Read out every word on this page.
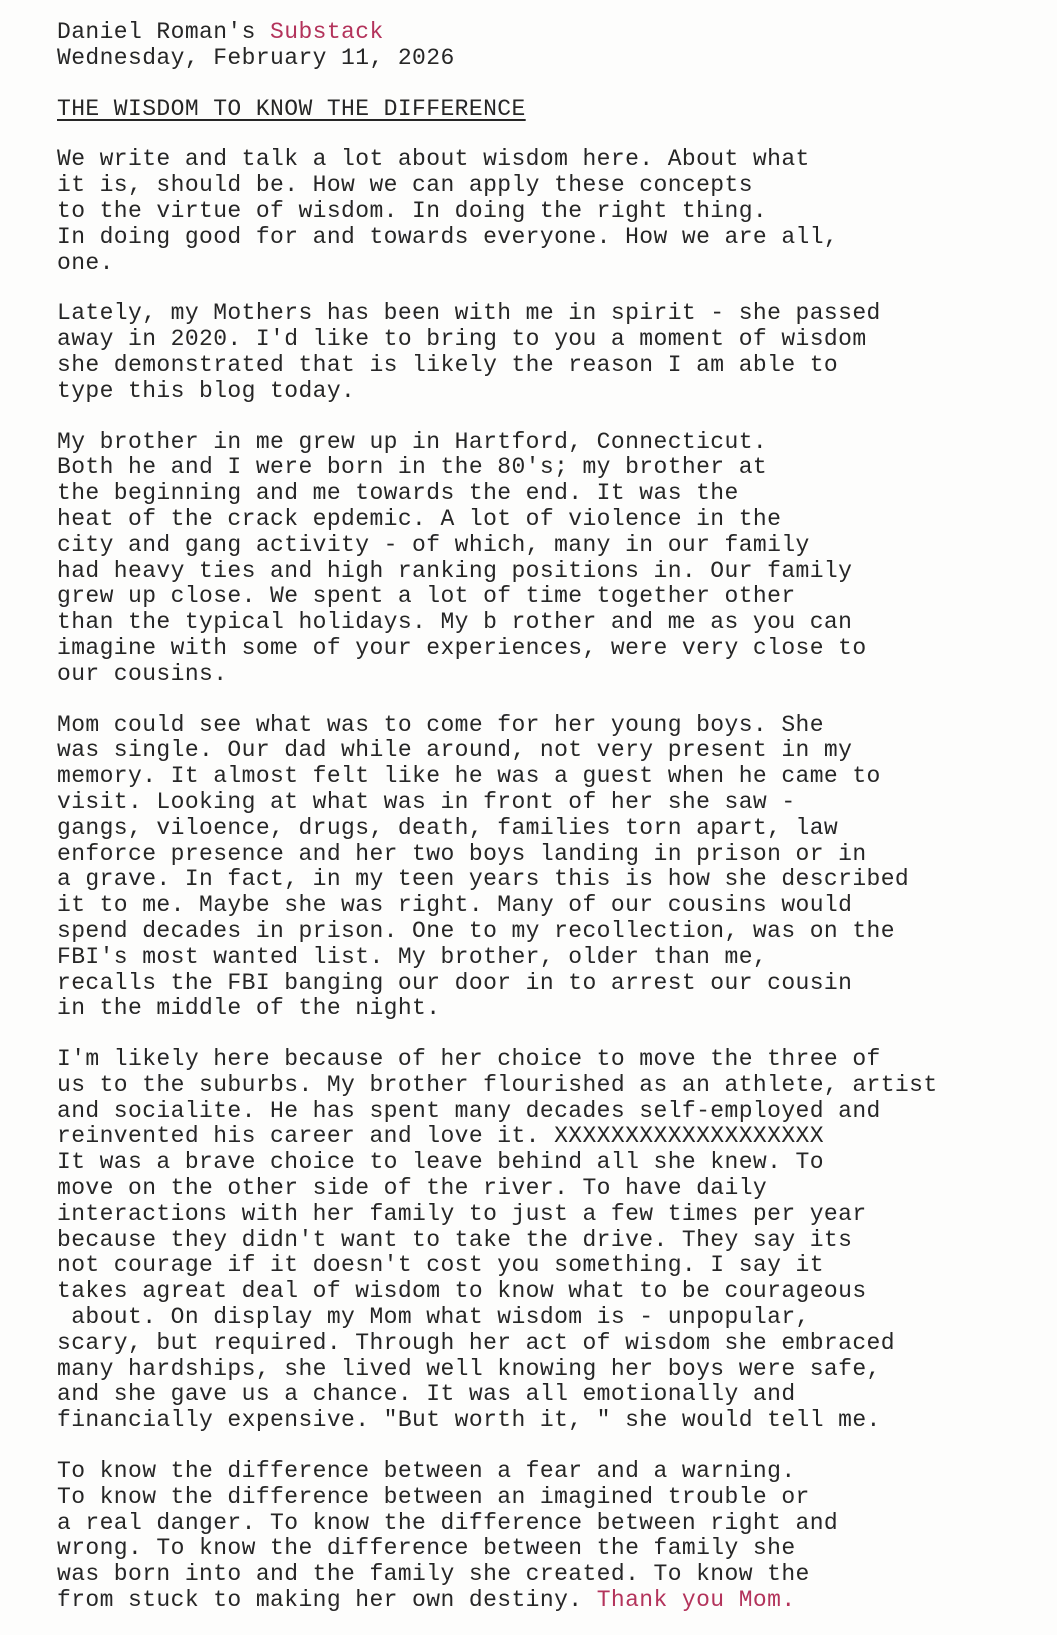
Daniel Roman's Substack
Wednesday, February 11, 2026
THE WISDOM TO KNOW THE DIFFERENCE
We write and talk a lot about wisdom here. About what
it is, should be. How we can apply these concepts
to the virtue of wisdom. In doing the right thing.
In doing good for and towards everyone. How we are all,
one.
Lately, my Mothers has been with me in spirit - she passed
away in 2020. I'd like to bring to you a moment of wisdom
she demonstrated that is likely the reason I am able to
type this blog today.
My brother in me grew up in Hartford, Connecticut.
Both he and I were born in the 80's; my brother at
the beginning and me towards the end. It was the
heat of the crack epdemic. A lot of violence in the
city and gang activity - of which, many in our family
had heavy ties and high ranking positions in. Our family
grew up close. We spent a lot of time together other
than the typical holidays. My b rother and me as you can
imagine with some of your experiences, were very close to
our cousins.
Mom could see what was to come for her young boys. She
was single. Our dad while around, not very present in my
memory. It almost felt like he was a guest when he came to
visit. Looking at what was in front of her she saw -
gangs, viloence, drugs, death, families torn apart, law
enforce presence and her two boys landing in prison or in
a grave. In fact, in my teen years this is how she described
it to me. Maybe she was right. Many of our cousins would
spend decades in prison. One to my recollection, was on the
FBI's most wanted list. My brother, older than me,
recalls the FBI banging our door in to arrest our cousin
in the middle of the night.
I'm likely here because of her choice to move the three of
us to the suburbs. My brother flourished as an athlete, artist
and socialite. He has spent many decades self-employed and
reinvented his career and love it. XXXXXXXXXXXXXXXXXXX
It was a brave choice to leave behind all she knew. To
move on the other side of the river. To have daily
interactions with her family to just a few times per year
because they didn't want to take the drive. They say its
not courage if it doesn't cost you something. I say it
takes agreat deal of wisdom to know what to be courageous
about. On display my Mom what wisdom is - unpopular,
scary, but required. Through her act of wisdom she embraced
many hardships, she lived well knowing her boys were safe,
and she gave us a chance. It was all emotionally and
financially expensive. "But worth it, " she would tell me.
To know the difference between a fear and a warning.
To know the difference between an imagined trouble or
a real danger. To know the difference between right and
wrong. To know the difference between the family she
was born into and the family she created. To know the
from stuck to making her own destiny. Thank you Mom.
